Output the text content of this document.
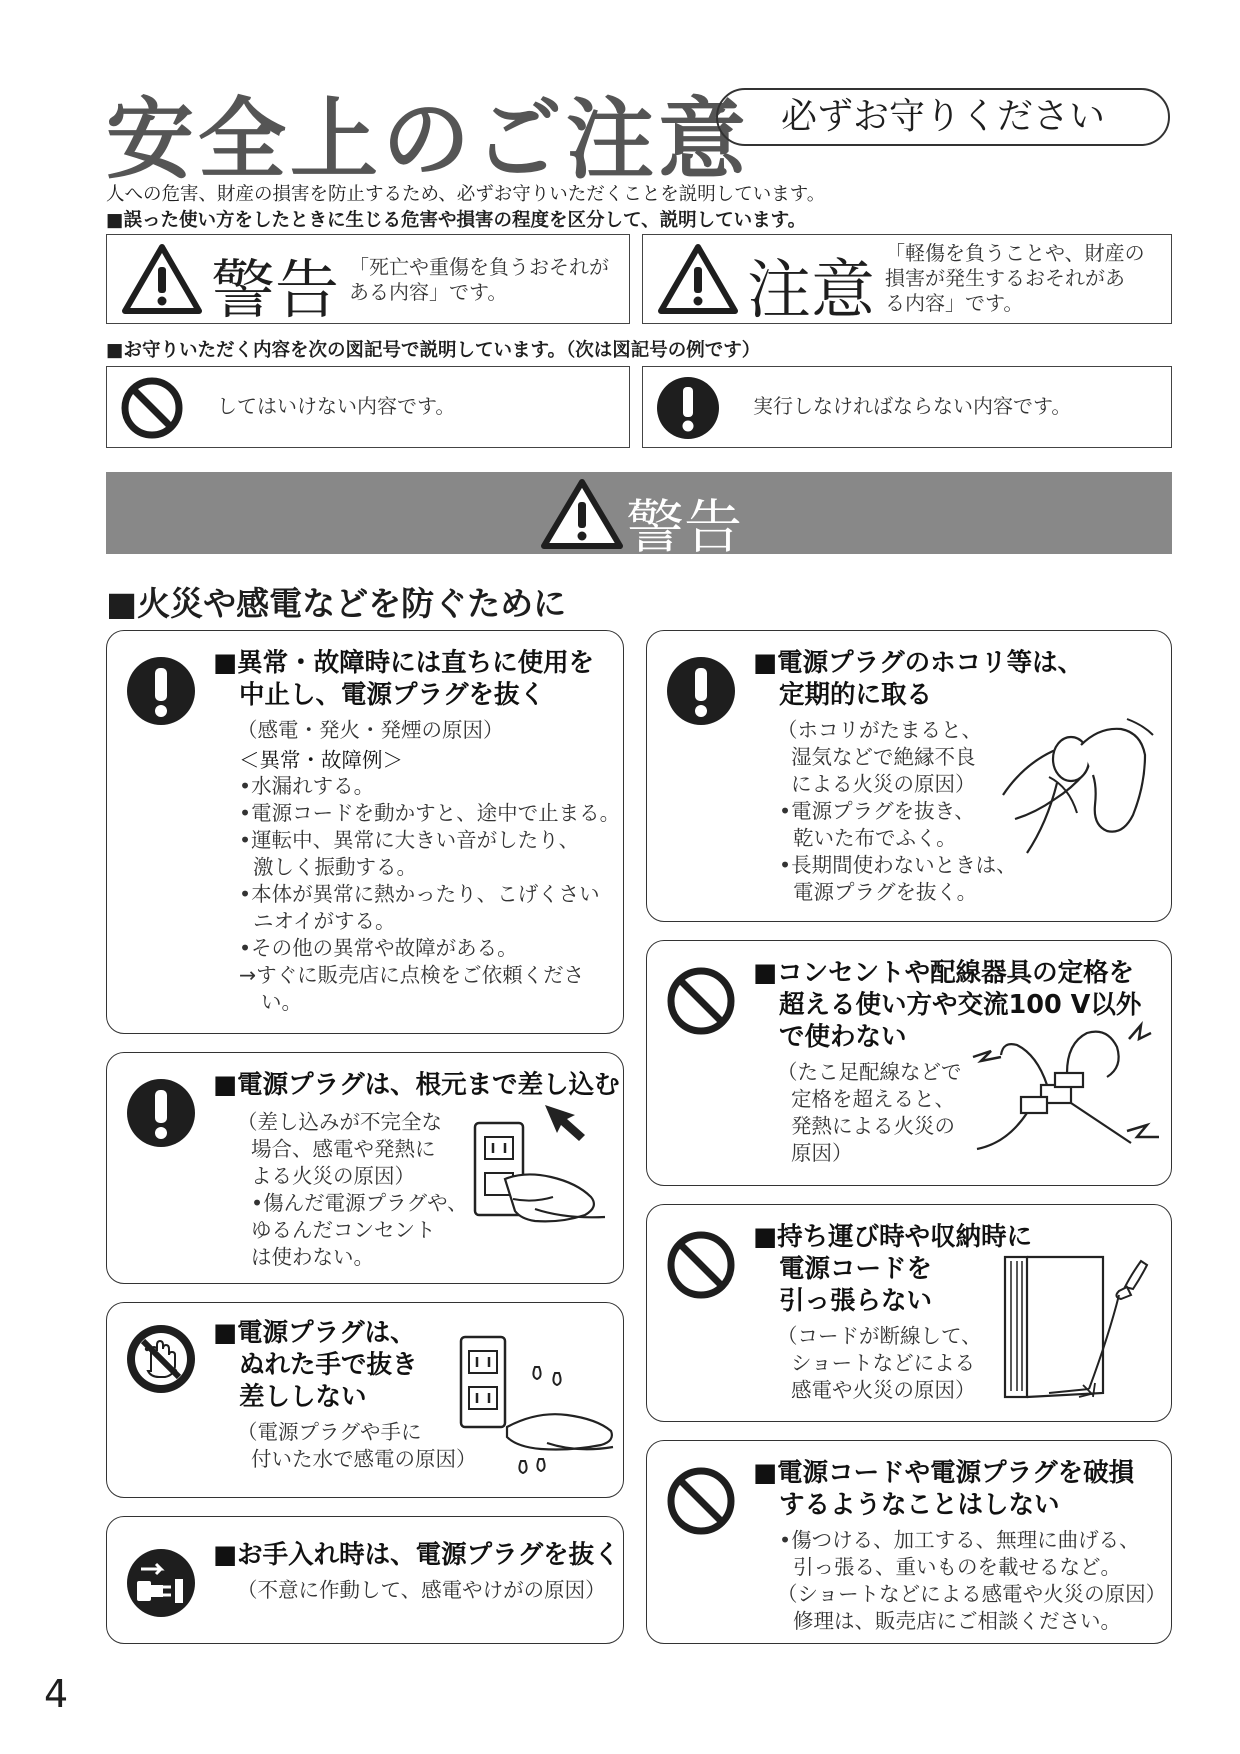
安全上のご注意 必ずお守りください
人への危害、財産の損害を防止するため、必ずお守りいただくことを説明しています。
■誤った使い方をしたときに生じる危害や損害の程度を区分して、説明しています。
警告 「死亡や重傷を負うおそれが
ある内容」です。	注意
「軽傷を負うことや、財産の
損害が発生するおそれがあ
る内容」です。
■お守りいただく内容を次の図記号で説明しています。（次は図記号の例です）
してはいけない内容です。	実行しなければならない内容です。
警告
■火災や感電などを防ぐために
■異常・故障時には直ちに使用を
中止し、電源プラグを抜く
（感電・発火・発煙の原因）
＜異常・故障例＞
•水漏れする。
•電源コードを動かすと、途中で止まる。
•運転中、異常に大きい音がしたり、
激しく振動する。
•本体が異常に熱かったり、こげくさい
ニオイがする。
•その他の異常や故障がある。
→すぐに販売店に点検をご依頼くださ
い。
■電源プラグは、根元まで差し込む
（差し込みが不完全な
場合、感電や発熱に
よる火災の原因）
•傷んだ電源プラグや、
ゆるんだコンセント
は使わない。
■電源プラグは、
ぬれた手で抜き
差ししない
（電源プラグや手に
付いた水で感電の原因）
■お手入れ時は、電源プラグを抜く
（不意に作動して、感電やけがの原因）
■電源プラグのホコリ等は、
定期的に取る
（ホコリがたまると、
湿気などで絶縁不良
による火災の原因）
•電源プラグを抜き、
乾いた布でふく。
•長期間使わないときは、
電源プラグを抜く。
■コンセントや配線器具の定格を
超える使い方や交流100 V以外
で使わない
（たこ足配線などで
定格を超えると、
発熱による火災の
原因）
■持ち運び時や収納時に
電源コードを
引っ張らない
（コードが断線して、
ショートなどによる
感電や火災の原因）
■電源コードや電源プラグを破損
するようなことはしない
•傷つける、加工する、無理に曲げる、
引っ張る、重いものを載せるなど。
（ショートなどによる感電や火災の原因）
修理は、販売店にご相談ください。
4
